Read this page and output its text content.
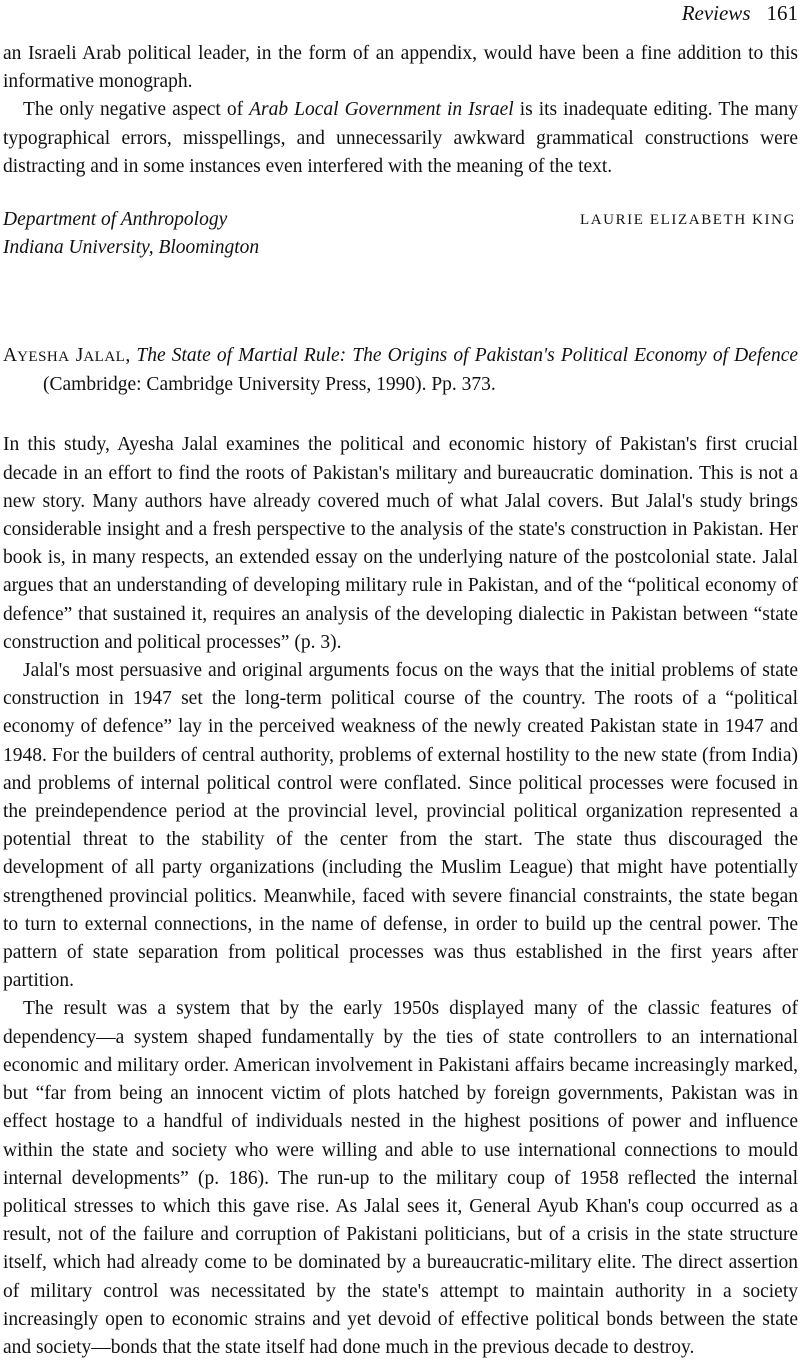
Reviews 161

an Israeli Arab political leader, in the form of an appendix, would have been a fine addition to this informative monograph.

The only negative aspect of Arab Local Government in Israel is its inadequate editing. The many typographical errors, misspellings, and unnecessarily awkward grammatical constructions were distracting and in some instances even interfered with the meaning of the text.

Department of Anthropology
Indiana University, Bloomington
LAURIE ELIZABETH KING
AYESHA JALAL, The State of Martial Rule: The Origins of Pakistan's Political Economy of Defence (Cambridge: Cambridge University Press, 1990). Pp. 373.

In this study, Ayesha Jalal examines the political and economic history of Pakistan's first crucial decade in an effort to find the roots of Pakistan's military and bureaucratic domination. This is not a new story. Many authors have already covered much of what Jalal covers. But Jalal's study brings considerable insight and a fresh perspective to the analysis of the state's construction in Pakistan. Her book is, in many respects, an extended essay on the underlying nature of the postcolonial state. Jalal argues that an understanding of developing military rule in Pakistan, and of the “political economy of defence” that sustained it, requires an analysis of the developing dialectic in Pakistan between “state construction and political processes” (p. 3).

Jalal's most persuasive and original arguments focus on the ways that the initial problems of state construction in 1947 set the long-term political course of the country. The roots of a “political economy of defence” lay in the perceived weakness of the newly created Pakistan state in 1947 and 1948. For the builders of central authority, problems of external hostility to the new state (from India) and problems of internal political control were conflated. Since political processes were focused in the preindependence period at the provincial level, provincial political organization represented a potential threat to the stability of the center from the start. The state thus discouraged the development of all party organizations (including the Muslim League) that might have potentially strengthened provincial politics. Meanwhile, faced with severe financial constraints, the state began to turn to external connections, in the name of defense, in order to build up the central power. The pattern of state separation from political processes was thus established in the first years after partition.

The result was a system that by the early 1950s displayed many of the classic features of dependency—a system shaped fundamentally by the ties of state controllers to an international economic and military order. American involvement in Pakistani affairs became increasingly marked, but “far from being an innocent victim of plots hatched by foreign governments, Pakistan was in effect hostage to a handful of individuals nested in the highest positions of power and influence within the state and society who were willing and able to use international connections to mould internal developments” (p. 186). The run-up to the military coup of 1958 reflected the internal political stresses to which this gave rise. As Jalal sees it, General Ayub Khan's coup occurred as a result, not of the failure and corruption of Pakistani politicians, but of a crisis in the state structure itself, which had already come to be dominated by a bureaucratic-military elite. The direct assertion of military control was necessitated by the state's attempt to maintain authority in a society increasingly open to economic strains and yet devoid of effective political bonds between the state and society—bonds that the state itself had done much in the previous decade to destroy.
